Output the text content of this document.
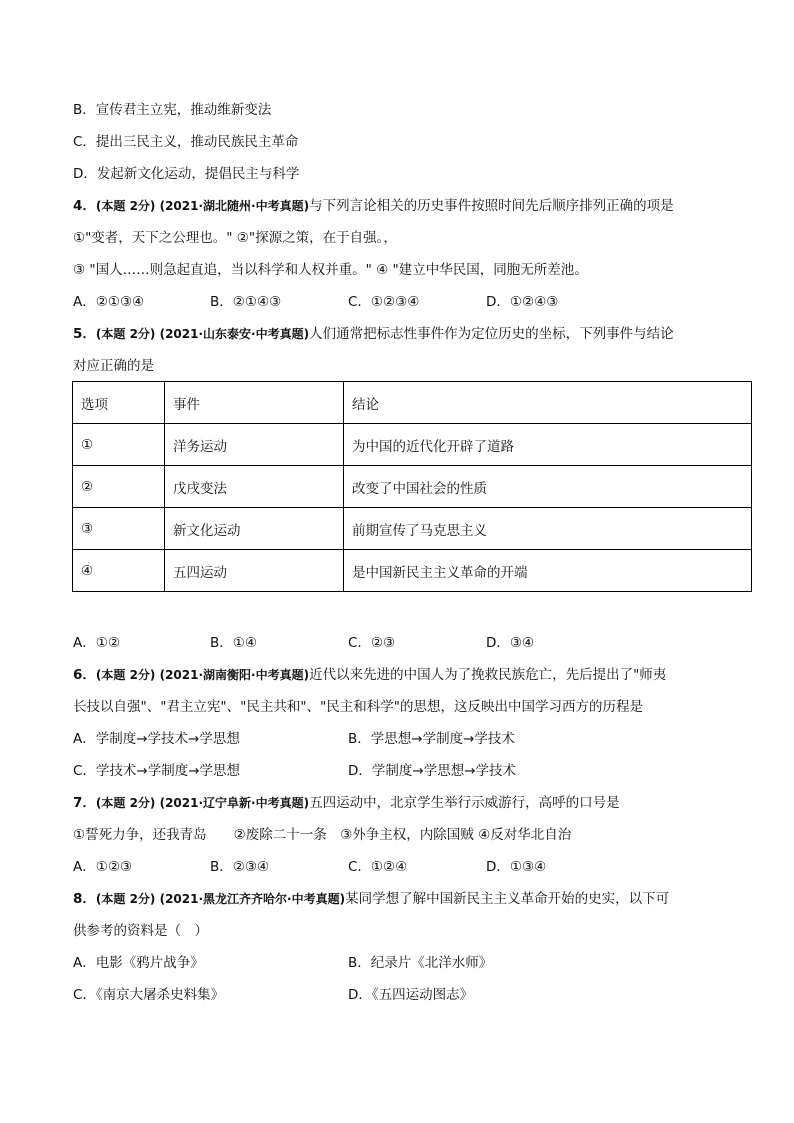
B．宣传君主立宪，推动维新变法
C．提出三民主义，推动民族民主革命
D．发起新文化运动，提倡民主与科学
4．(本题 2分) (2021·湖北随州·中考真题)与下列言论相关的历史事件按照时间先后顺序排列正确的项是
①"变者，天下之公理也。" ②"探源之策，在于自强。，
③ "国人……则急起直追，当以科学和人权并重。" ④ "建立中华民国，同胞无所差池。
A．②①③④	B．②①④③	C．①②③④	D．①②④③
5．(本题 2分) (2021·山东泰安·中考真题)人们通常把标志性事件作为定位历史的坐标，下列事件与结论
对应正确的是
选项	事件	结论
①	洋务运动	为中国的近代化开辟了道路
②	戊戌变法	改变了中国社会的性质
③	新文化运动	前期宣传了马克思主义
④	五四运动	是中国新民主主义革命的开端
A．①②	B．①④	C．②③	D．③④
6．(本题 2分) (2021·湖南衡阳·中考真题)近代以来先进的中国人为了挽救民族危亡，先后提出了"师夷
长技以自强"、"君主立宪"、"民主共和"、"民主和科学"的思想，这反映出中国学习西方的历程是
A．学制度→学技术→学思想	B．学思想→学制度→学技术
C．学技术→学制度→学思想	D．学制度→学思想→学技术
7．(本题 2分) (2021·辽宁阜新·中考真题)五四运动中，北京学生举行示威游行，高呼的口号是
①誓死力争，还我青岛　　②废除二十一条　③外争主权，内除国贼 ④反对华北自治
A．①②③	B．②③④	C．①②④	D．①③④
8．(本题 2分) (2021·黑龙江齐齐哈尔·中考真题)某同学想了解中国新民主主义革命开始的史实，以下可
供参考的资料是（　）
A．电影《鸦片战争》	B．纪录片《北洋水师》
C．《南京大屠杀史料集》	D．《五四运动图志》
